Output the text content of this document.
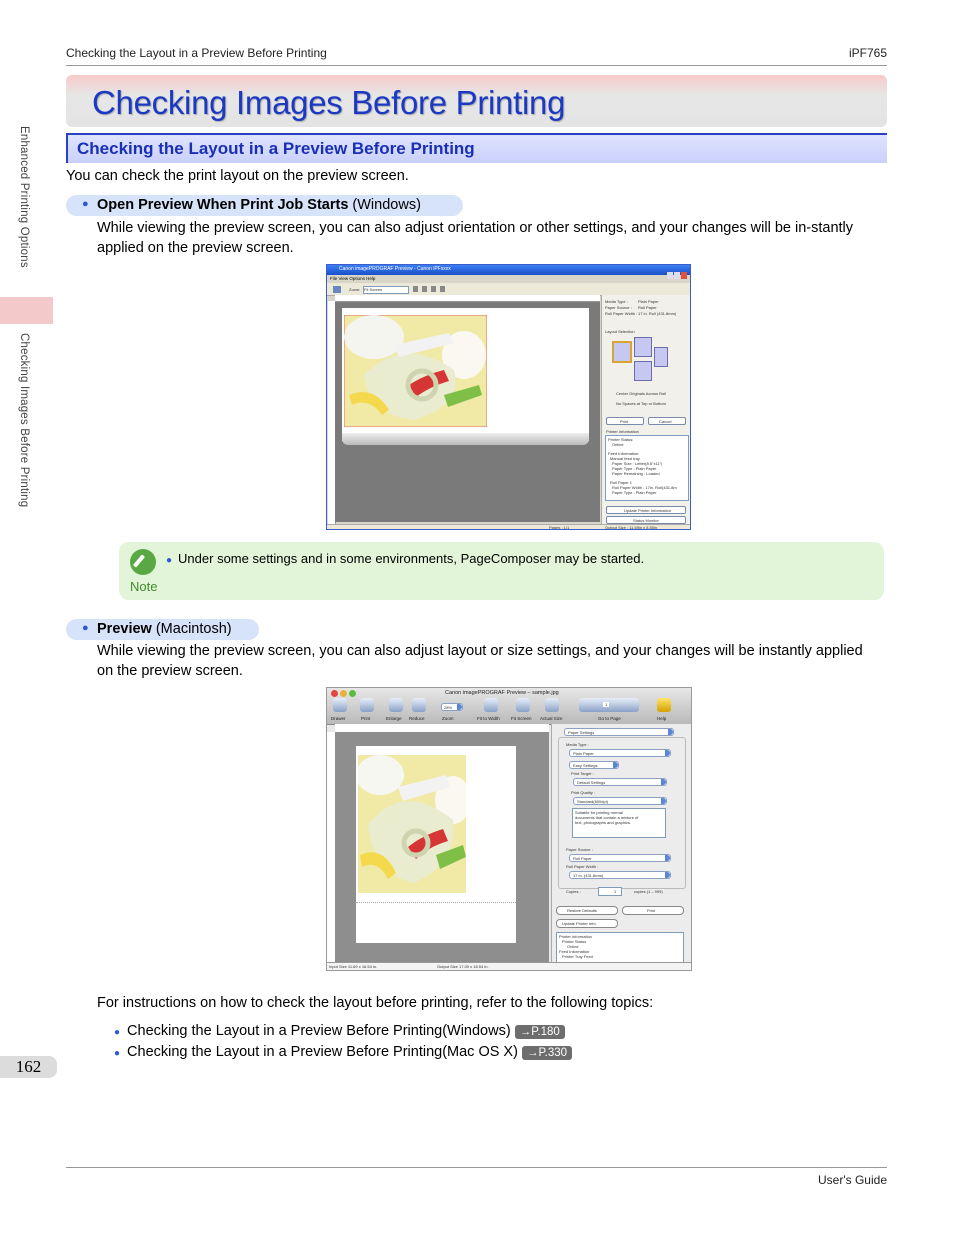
Checking the Layout in a Preview Before Printing	iPF765
Enhanced Printing Options
Checking Images Before Printing
Checking Images Before Printing
Checking the Layout in a Preview Before Printing
You can check the print layout on the preview screen.
● Open Preview When Print Job Starts (Windows)
While viewing the preview screen, you can also adjust orientation or other settings, and your changes will be in-stantly applied on the preview screen.
Canon imagePROGRAF Preview - Canon iPFxxxx
File View Options Help
Zoom: Fit Screen
Media Type :	Plain Paper
Paper Source : Roll Paper
Roll Paper Width : 17 in. Roll (431.8mm)
Layout Selection
Center Originals Across Roll
No Spaces at Top or Bottom
Print	Cancel
Printer Information
Printer Status:
Online
Feed Information:
Manual feed tray
Paper Size : Letter(8.5"x11")
Paper Type : Plain Paper
Paper Remaining : Loaded
Roll Paper 1
Roll Paper Width : 17in. Roll(431.8m
Paper Type : Plain Paper
Update Printer Information
Status Monitor
Pages : 1/1	Output Size : 11.69in x 8.50in
Note
● Under some settings and in some environments, PageComposer may be started.
● Preview (Macintosh)
While viewing the preview screen, you can also adjust layout or size settings, and your changes will be instantly applied on the preview screen.
Canon imagePROGRAF Preview – sample.jpg
28%
1
Drawer	Print	Enlarge Reduce	Zoom	Fit to Width Fit Screen Actual Size	Go to Page	Help
Paper Settings
Media Type :
Plain Paper
Easy Settings
Print Target :
Default Settings
Print Quality :
Standard(600dpi)
Suitable for printing normal documents that contain a mixture of text, photographs and graphics.
Paper Source :
Roll Paper
Roll Paper Width :
17 in. (431.8mm)
Copies :	1	copies (1 – 999)
Restore Defaults	Print
Update Printer Info.
Printer Information
Printer Status
Online
Feed Information
Printer Tray Feed
Input Size 11.69 x 16.54 in.	Output Size 17.00 x 16.54 in.
For instructions on how to check the layout before printing, refer to the following topics:
● Checking the Layout in a Preview Before Printing(Windows) →P.180
● Checking the Layout in a Preview Before Printing(Mac OS X) →P.330
162
User's Guide
